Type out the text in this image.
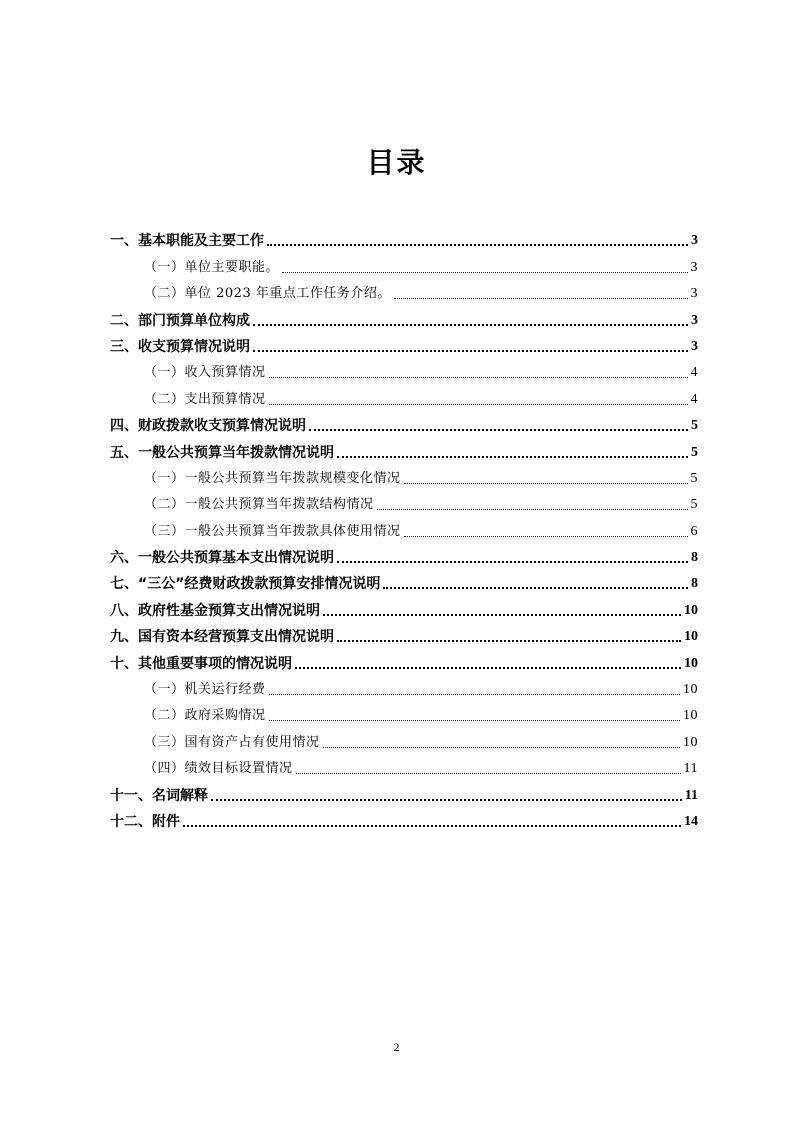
目录
一、基本职能及主要工作	3
（一）单位主要职能。	3
（二）单位 2023 年重点工作任务介绍。	3
二、部门预算单位构成	3
三、收支预算情况说明	3
（一）收入预算情况	4
（二）支出预算情况	4
四、财政拨款收支预算情况说明	5
五、一般公共预算当年拨款情况说明	5
（一）一般公共预算当年拨款规模变化情况	5
（二）一般公共预算当年拨款结构情况	5
（三）一般公共预算当年拨款具体使用情况	6
六、一般公共预算基本支出情况说明	8
七、“三公”经费财政拨款预算安排情况说明	8
八、政府性基金预算支出情况说明	10
九、国有资本经营预算支出情况说明	10
十、其他重要事项的情况说明	10
（一）机关运行经费	10
（二）政府采购情况	10
（三）国有资产占有使用情况	10
（四）绩效目标设置情况	11
十一、名词解释	11
十二、附件	14
2
